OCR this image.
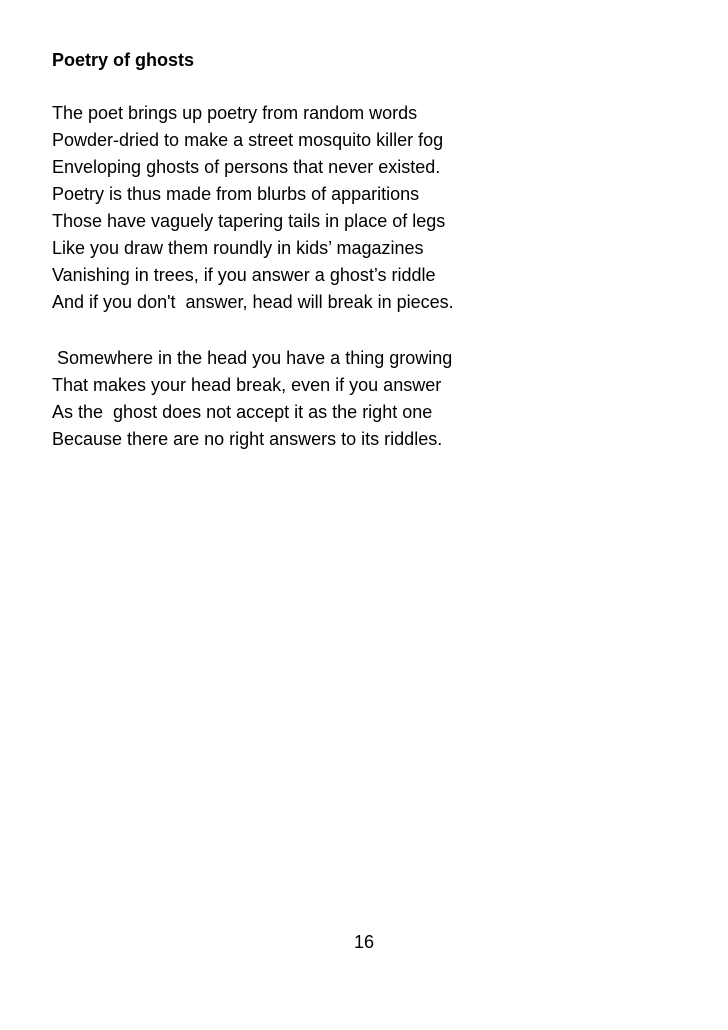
Poetry of ghosts
The poet brings up poetry from random words
Powder-dried to make a street mosquito killer fog
Enveloping ghosts of persons that never existed.
Poetry is thus made from blurbs of apparitions
Those have vaguely tapering tails in place of legs
Like you draw them roundly in kids’ magazines
Vanishing in trees, if you answer a ghost’s riddle
And if you don't  answer, head will break in pieces.
Somewhere in the head you have a thing growing
That makes your head break, even if you answer
As the  ghost does not accept it as the right one
Because there are no right answers to its riddles.
16
